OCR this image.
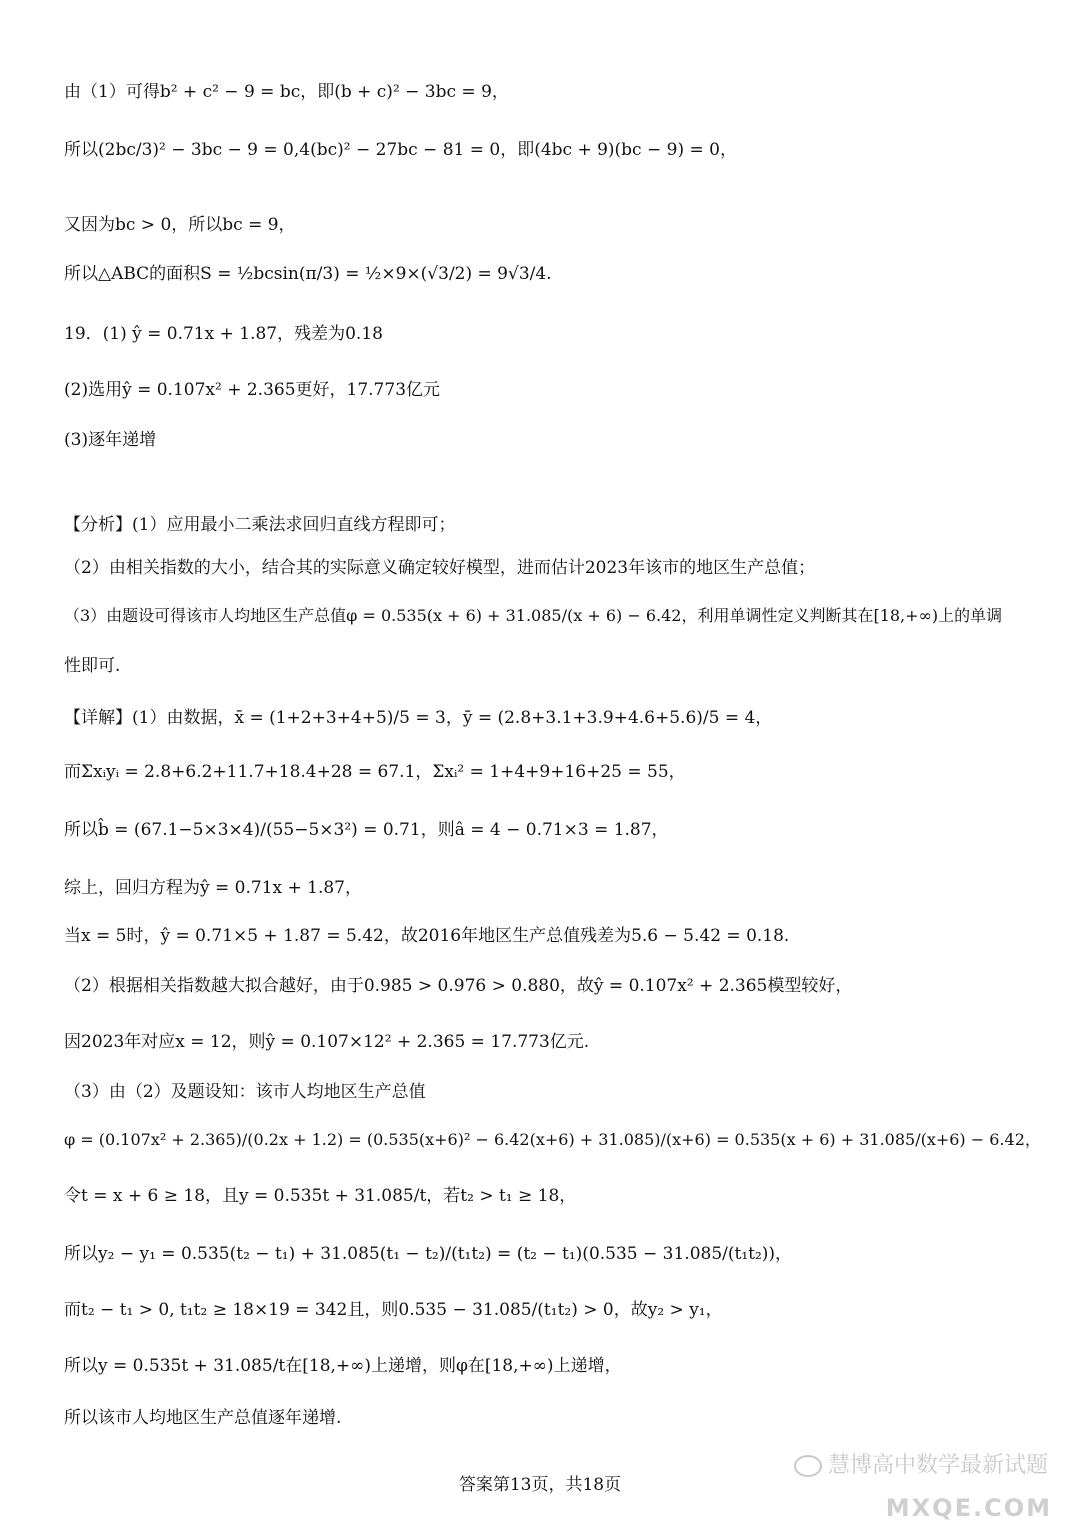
由（1）可得b² + c² − 9 = bc，即(b + c)² − 3bc = 9，
所以(2bc/3)² − 3bc − 9 = 0,4(bc)² − 27bc − 81 = 0，即(4bc + 9)(bc − 9) = 0，
又因为bc > 0，所以bc = 9，
所以△ABC的面积S = ½bcsin(π/3) = ½×9×(√3/2) = 9√3/4.
19．(1) ŷ = 0.71x + 1.87，残差为0.18
(2)选用ŷ = 0.107x² + 2.365更好，17.773亿元
(3)逐年递增
【分析】(1）应用最小二乘法求回归直线方程即可；
（2）由相关指数的大小，结合其的实际意义确定较好模型，进而估计2023年该市的地区生产总值；
（3）由题设可得该市人均地区生产总值φ = 0.535(x + 6) + 31.085/(x + 6) − 6.42，利用单调性定义判断其在[18,+∞)上的单调
性即可.
【详解】(1）由数据，x̄ = (1+2+3+4+5)/5 = 3，ȳ = (2.8+3.1+3.9+4.6+5.6)/5 = 4，
而Σxᵢyᵢ = 2.8+6.2+11.7+18.4+28 = 67.1，Σxᵢ² = 1+4+9+16+25 = 55，
所以b̂ = (67.1−5×3×4)/(55−5×3²) = 0.71，则â = 4 − 0.71×3 = 1.87，
综上，回归方程为ŷ = 0.71x + 1.87，
当x = 5时，ŷ = 0.71×5 + 1.87 = 5.42，故2016年地区生产总值残差为5.6 − 5.42 = 0.18.
（2）根据相关指数越大拟合越好，由于0.985 > 0.976 > 0.880，故ŷ = 0.107x² + 2.365模型较好，
因2023年对应x = 12，则ŷ = 0.107×12² + 2.365 = 17.773亿元.
（3）由（2）及题设知：该市人均地区生产总值
φ = (0.107x² + 2.365)/(0.2x + 1.2) = (0.535(x+6)² − 6.42(x+6) + 31.085)/(x+6) = 0.535(x + 6) + 31.085/(x+6) − 6.42，
令t = x + 6 ≥ 18，且y = 0.535t + 31.085/t，若t₂ > t₁ ≥ 18，
所以y₂ − y₁ = 0.535(t₂ − t₁) + 31.085(t₁ − t₂)/(t₁t₂) = (t₂ − t₁)(0.535 − 31.085/(t₁t₂))，
而t₂ − t₁ > 0, t₁t₂ ≥ 18×19 = 342且，则0.535 − 31.085/(t₁t₂) > 0，故y₂ > y₁，
所以y = 0.535t + 31.085/t在[18,+∞)上递增，则φ在[18,+∞)上递增，
所以该市人均地区生产总值逐年递增.
答案第13页，共18页
慧博高中数学最新试题
MXQE.COM
